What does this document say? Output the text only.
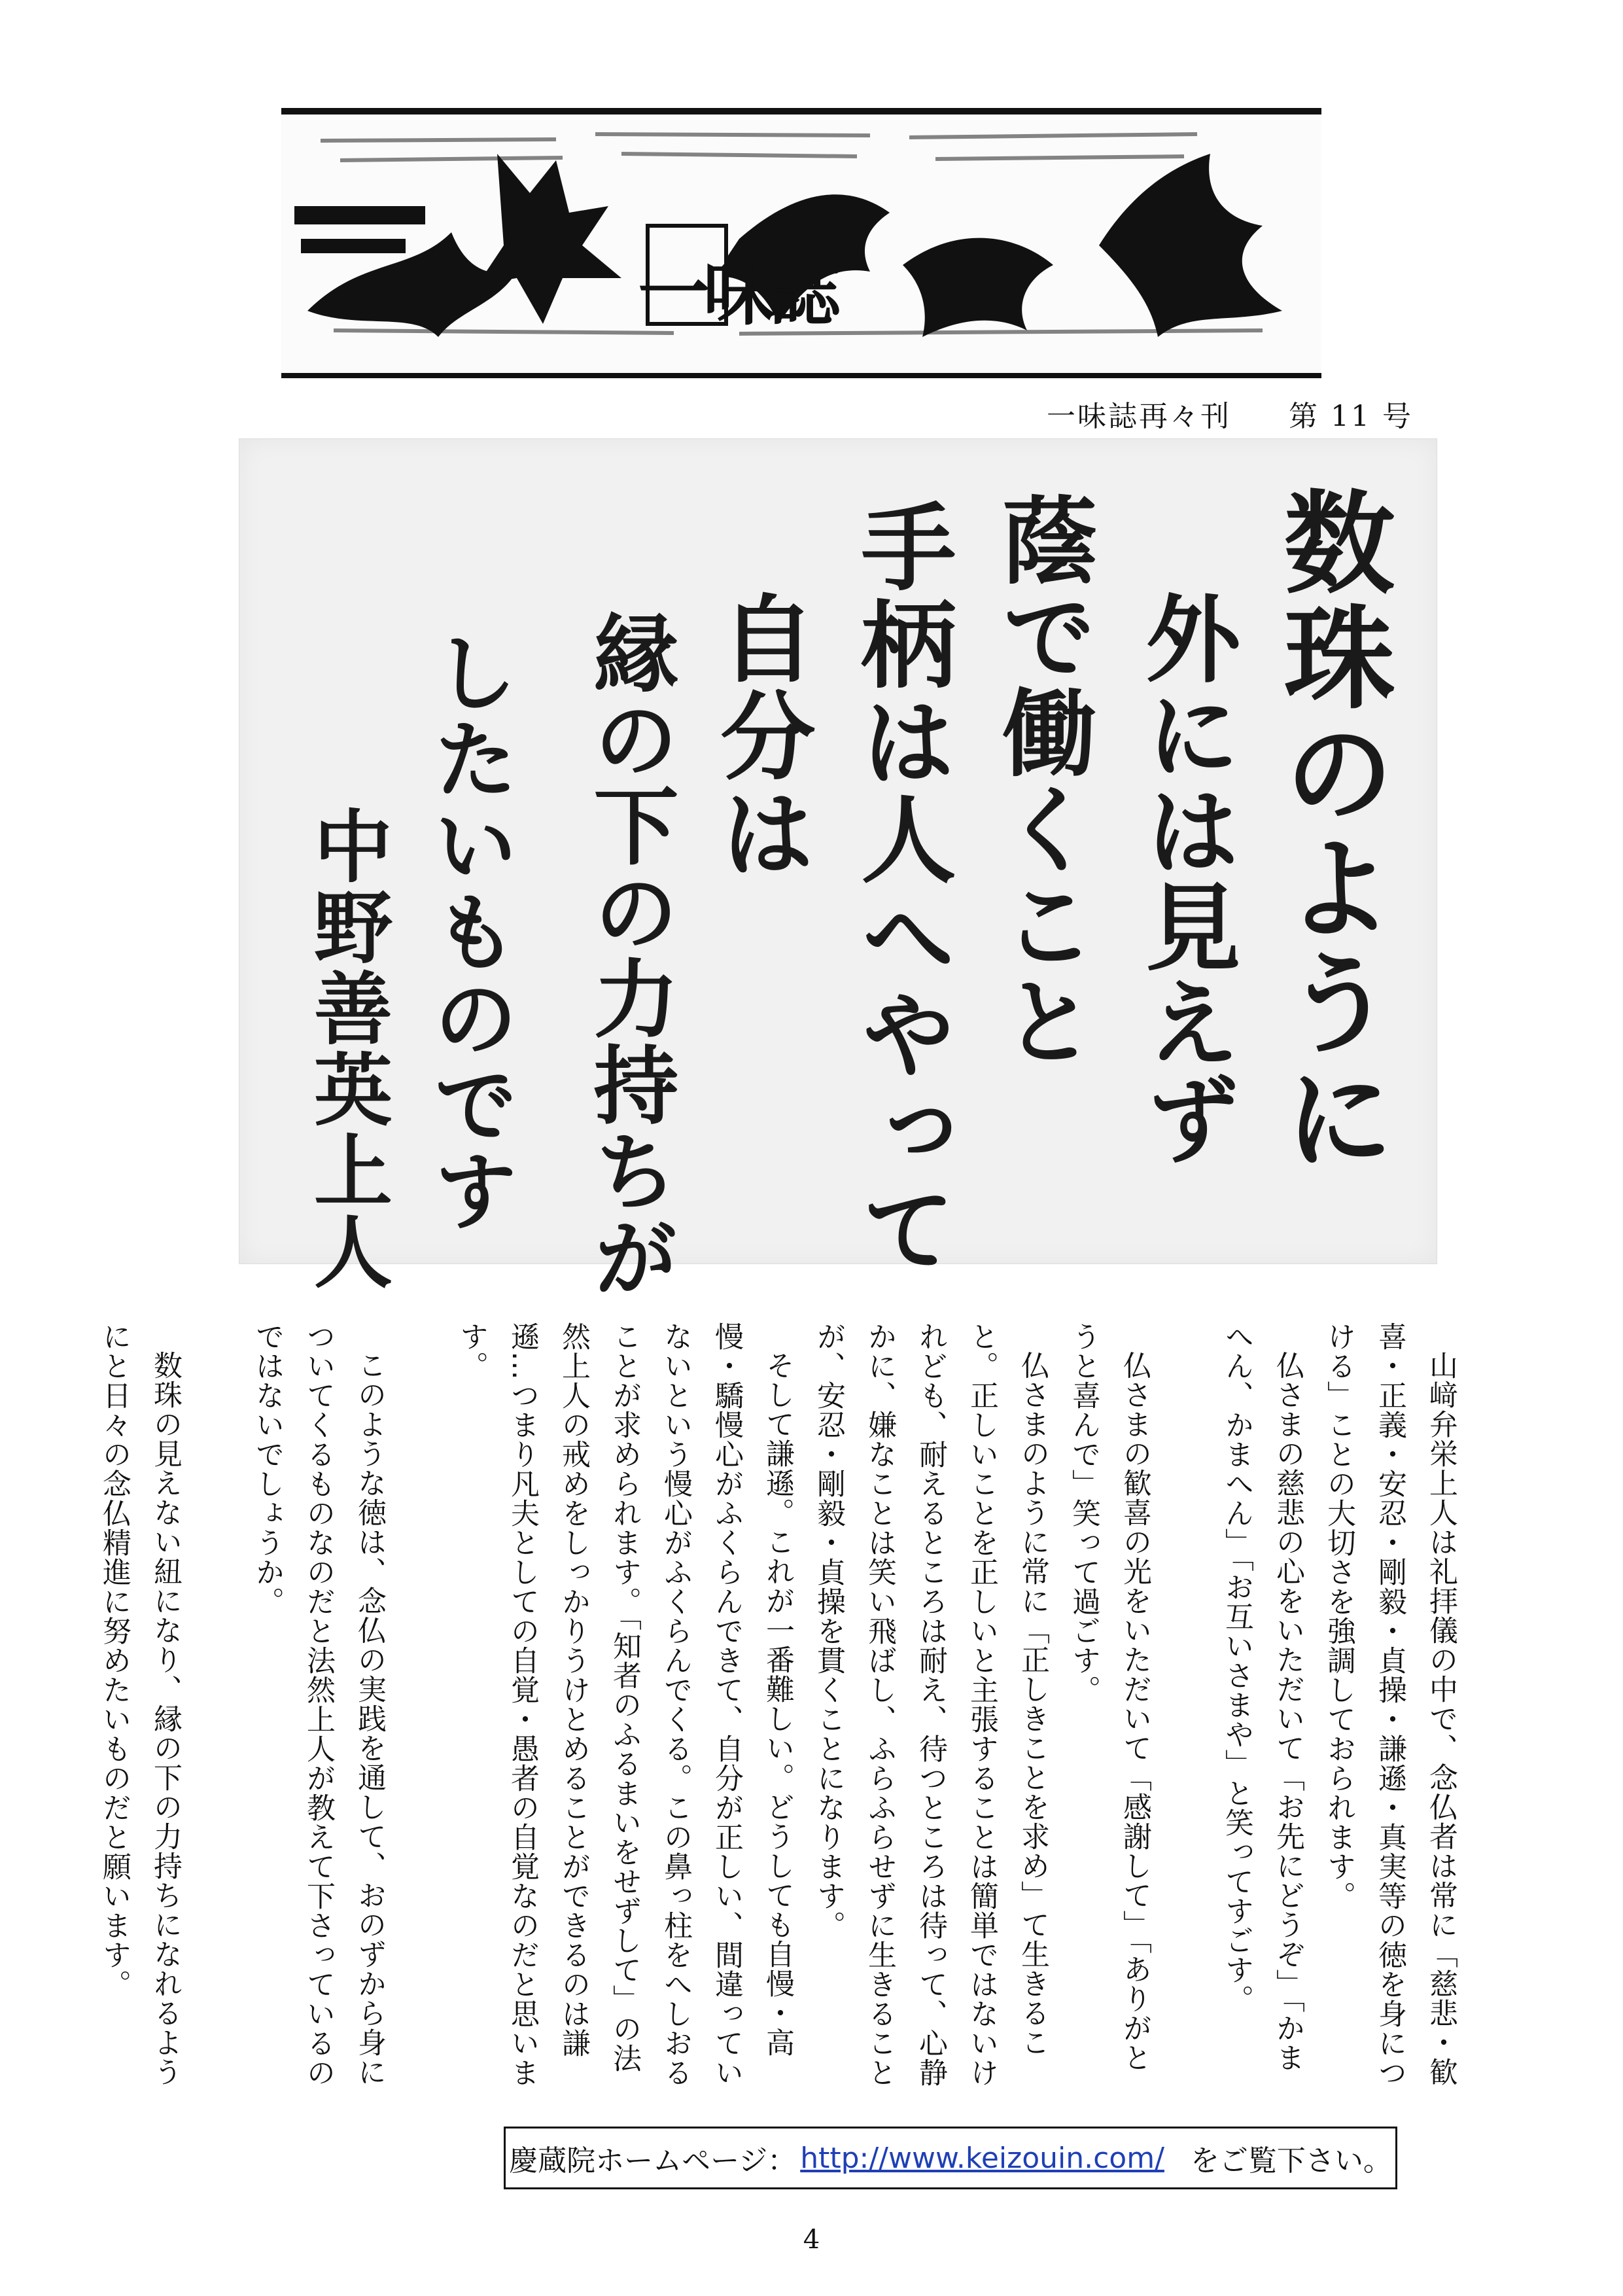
一味誌
一味誌再々刊 第 11 号
数珠のように
外には見えず
蔭で働くこと
手柄は人へやって
自分は
縁の下の力持ちが
したいものです
中野善英上人

山﨑弁栄上人は礼拝儀の中で、念仏者は常に「慈悲・歓喜・正義・安忍・剛毅・貞操・謙遜・真実等の徳を身につける」ことの大切さを強調しておられます。

仏さまの慈悲の心をいただいて「お先にどうぞ」「かまへん、かまへん」「お互いさまや」と笑ってすごす。

仏さまの歓喜の光をいただいて「感謝して」「ありがとうと喜んで」笑って過ごす。

仏さまのように常に「正しきことを求め」て生きること。正しいことを正しいと主張することは簡単ではないけれども、耐えるところは耐え、待つところは待って、心静かに、嫌なことは笑い飛ばし、ふらふらせずに生きることが、安忍・剛毅・貞操を貫くことになります。

そして謙遜。これが一番難しい。どうしても自慢・高慢・驕慢心がふくらんできて、自分が正しい、間違っていないという慢心がふくらんでくる。この鼻っ柱をへしおることが求められます。「知者のふるまいをせずして」の法然上人の戒めをしっかりうけとめることができるのは謙遜…つまり凡夫としての自覚・愚者の自覚なのだと思います。

このような徳は、念仏の実践を通して、おのずから身についてくるものなのだと法然上人が教えて下さっているのではないでしょうか。

数珠の見えない紐になり、縁の下の力持ちになれるようにと日々の念仏精進に努めたいものだと願います。

慶蔵院ホームページ： http://www.keizouin.com/ をご覧下さい。
4
